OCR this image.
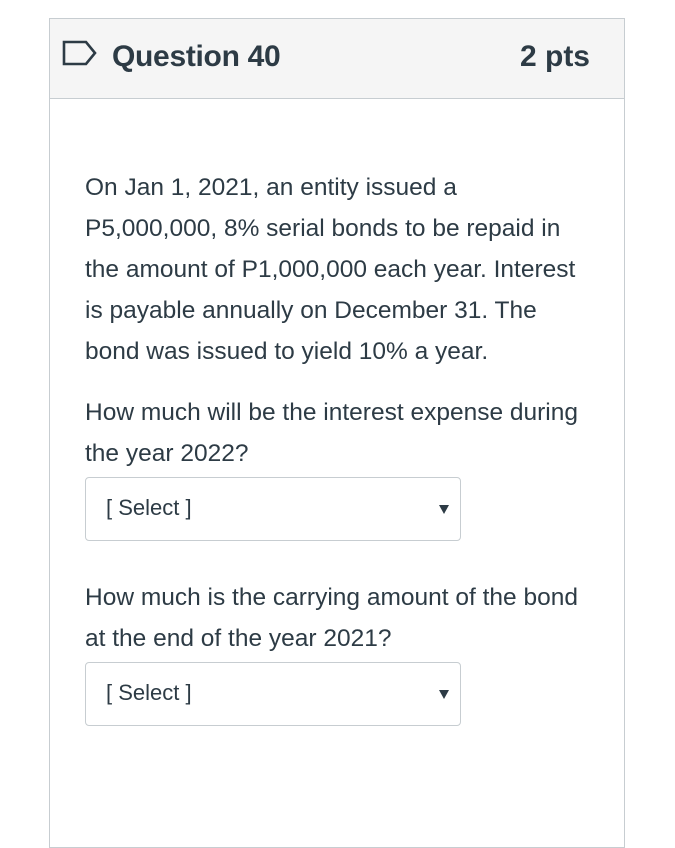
Question 40	2 pts

On Jan 1, 2021, an entity issued a P5,000,000, 8% serial bonds to be repaid in the amount of P1,000,000 each year. Interest is payable annually on December 31. The bond was issued to yield 10% a year.

How much will be the interest expense during the year 2022?

[ Select ]

How much is the carrying amount of the bond at the end of the year 2021?

[ Select ]
